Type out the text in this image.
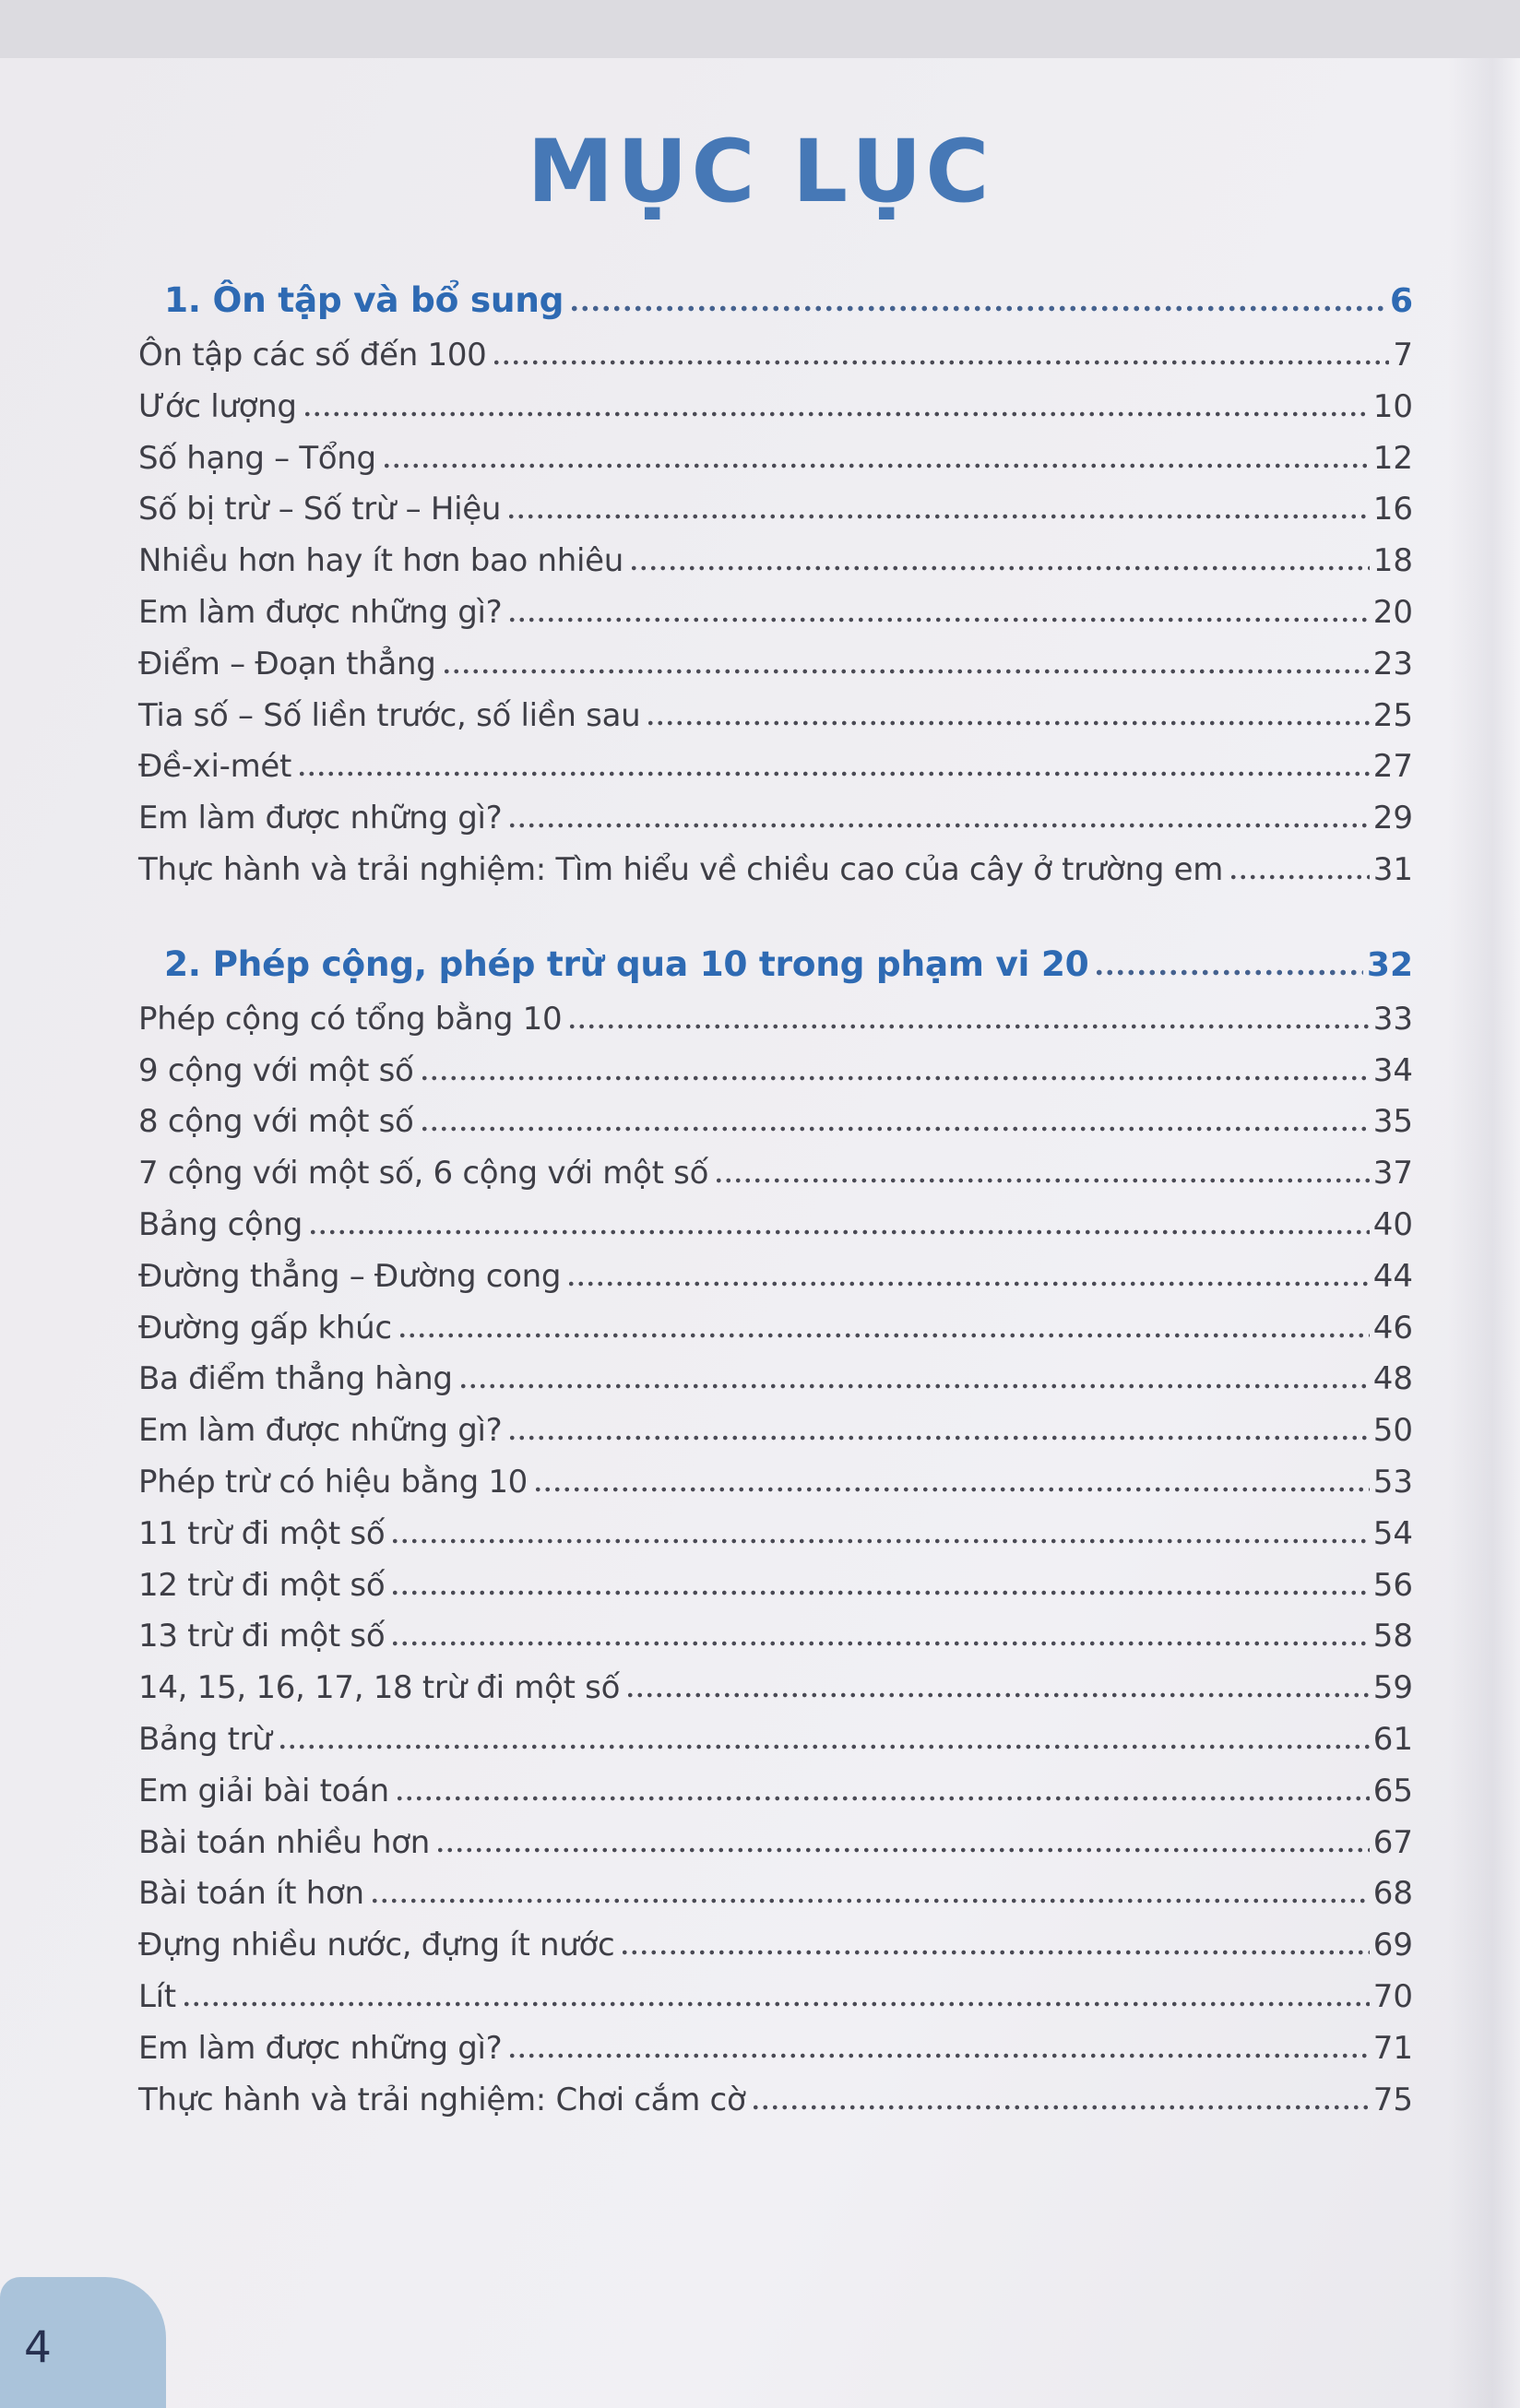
MỤC LỤC
1. Ôn tập và bổ sung	6
Ôn tập các số đến 100	7
Ước lượng	10
Số hạng – Tổng	12
Số bị trừ – Số trừ – Hiệu	16
Nhiều hơn hay ít hơn bao nhiêu	18
Em làm được những gì?	20
Điểm – Đoạn thẳng	23
Tia số – Số liền trước, số liền sau	25
Đề-xi-mét	27
Em làm được những gì?	29
Thực hành và trải nghiệm: Tìm hiểu về chiều cao của cây ở trường em	31
2. Phép cộng, phép trừ qua 10 trong phạm vi 20	32
Phép cộng có tổng bằng 10	33
9 cộng với một số	34
8 cộng với một số	35
7 cộng với một số, 6 cộng với một số	37
Bảng cộng	40
Đường thẳng – Đường cong	44
Đường gấp khúc	46
Ba điểm thẳng hàng	48
Em làm được những gì?	50
Phép trừ có hiệu bằng 10	53
11 trừ đi một số	54
12 trừ đi một số	56
13 trừ đi một số	58
14, 15, 16, 17, 18 trừ đi một số	59
Bảng trừ	61
Em giải bài toán	65
Bài toán nhiều hơn	67
Bài toán ít hơn	68
Đựng nhiều nước, đựng ít nước	69
Lít	70
Em làm được những gì?	71
Thực hành và trải nghiệm: Chơi cắm cờ	75
4
